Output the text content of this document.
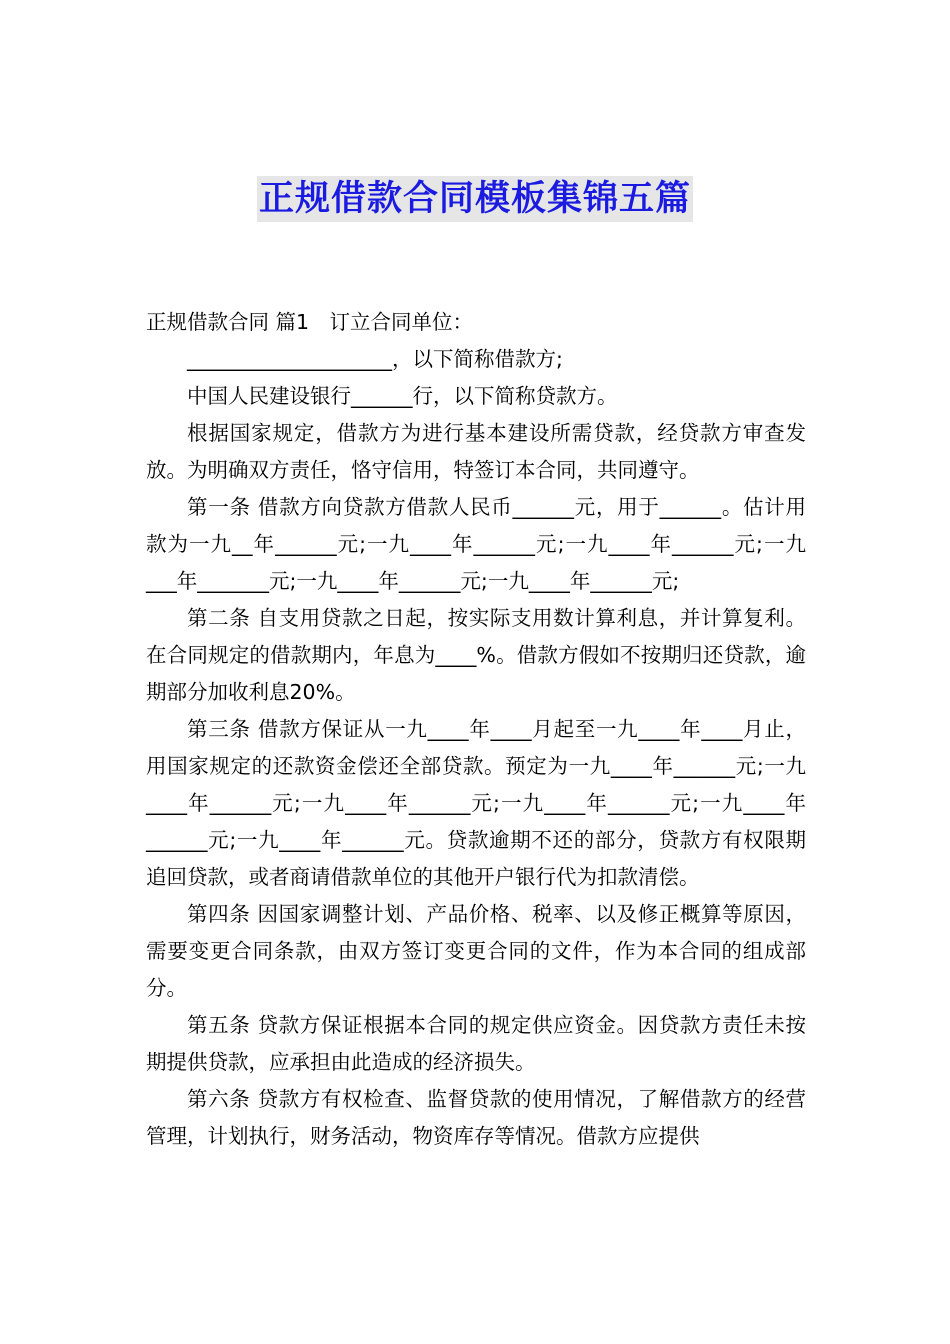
正规借款合同模板集锦五篇

正规借款合同 篇1　订立合同单位：

____________________，以下简称借款方;

中国人民建设银行______行，以下简称贷款方。

根据国家规定，借款方为进行基本建设所需贷款，经贷款方审查发放。为明确双方责任，恪守信用，特签订本合同，共同遵守。

第一条 借款方向贷款方借款人民币______元，用于______。估计用款为一九__年______元;一九____年______元;一九____年______元;一九___年_______元;一九____年______元;一九____年______元;

第二条 自支用贷款之日起，按实际支用数计算利息，并计算复利。在合同规定的借款期内，年息为____%。借款方假如不按期归还贷款，逾期部分加收利息20%。

第三条 借款方保证从一九____年____月起至一九____年____月止，用国家规定的还款资金偿还全部贷款。预定为一九____年______元;一九____年______元;一九____年______元;一九____年______元;一九____年______元;一九____年______元。贷款逾期不还的部分，贷款方有权限期追回贷款，或者商请借款单位的其他开户银行代为扣款清偿。

第四条 因国家调整计划、产品价格、税率、以及修正概算等原因，需要变更合同条款，由双方签订变更合同的文件，作为本合同的组成部分。

第五条 贷款方保证根据本合同的规定供应资金。因贷款方责任未按期提供贷款，应承担由此造成的经济损失。

第六条 贷款方有权检查、监督贷款的使用情况，了解借款方的经营管理，计划执行，财务活动，物资库存等情况。借款方应提供
